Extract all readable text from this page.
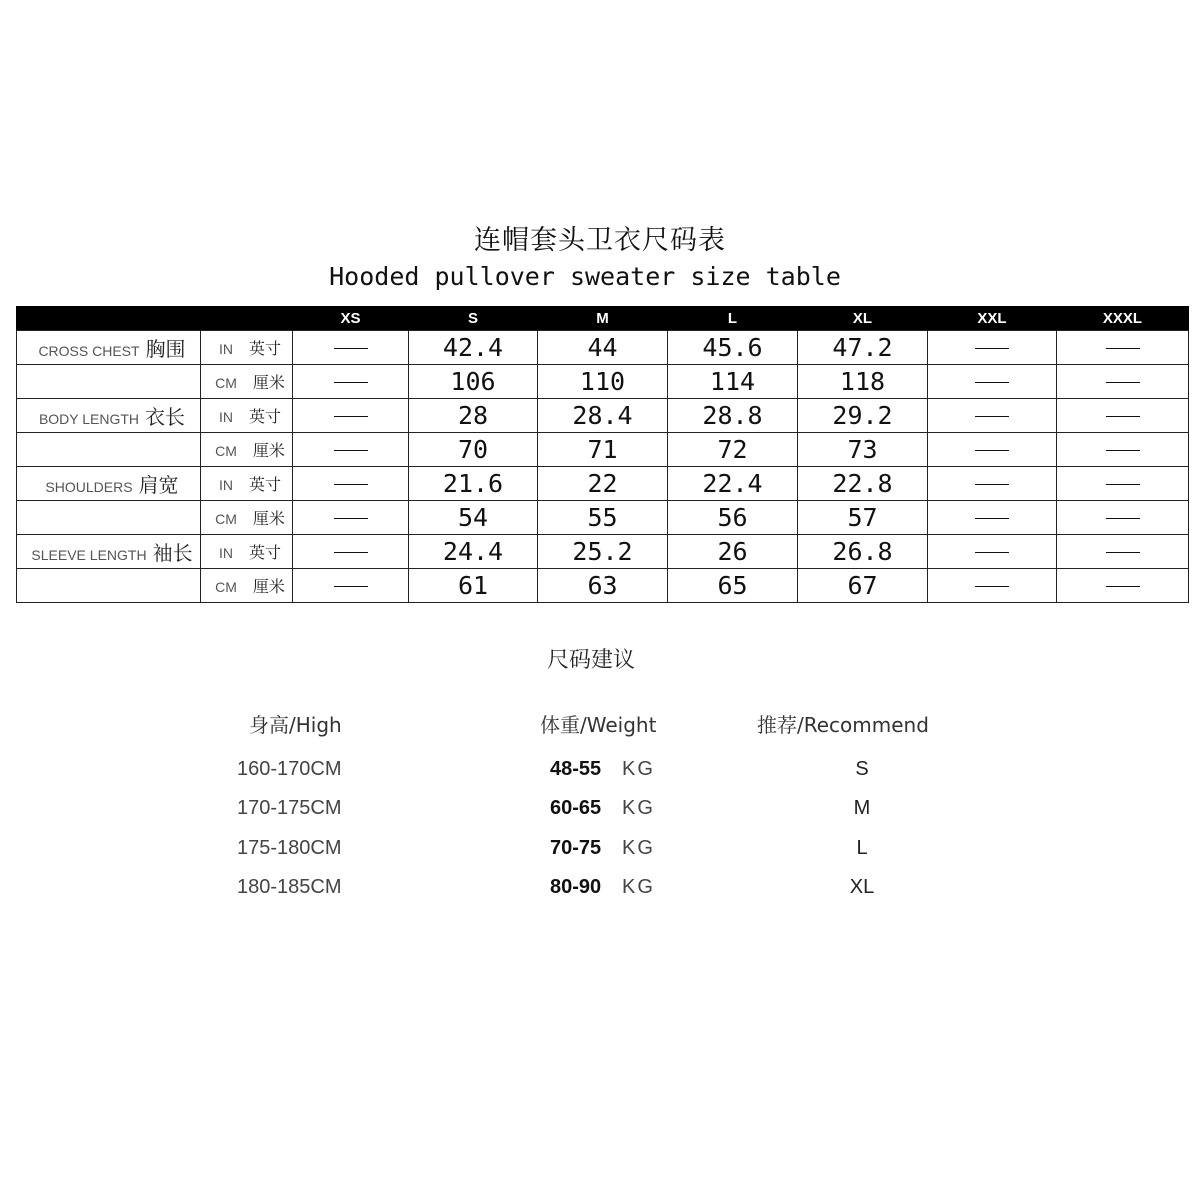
连帽套头卫衣尺码表
Hooded pullover sweater size table
		XS	S	M	L	XL	XXL	XXXL
CROSS CHEST 胸围	IN 英寸		42.4	44	45.6	47.2		
	CM 厘米		106	110	114	118		
BODY LENGTH 衣长	IN 英寸		28	28.4	28.8	29.2		
	CM 厘米		70	71	72	73		
SHOULDERS 肩宽	IN 英寸		21.6	22	22.4	22.8		
	CM 厘米		54	55	56	57		
SLEEVE LENGTH 袖长	IN 英寸		24.4	25.2	26	26.8		
	CM 厘米		61	63	65	67		
尺码建议
身高/High	体重/Weight	推荐/Recommend
160-170CM	48-55 KG	S
170-175CM	60-65 KG	M
175-180CM	70-75 KG	L
180-185CM	80-90 KG	XL
